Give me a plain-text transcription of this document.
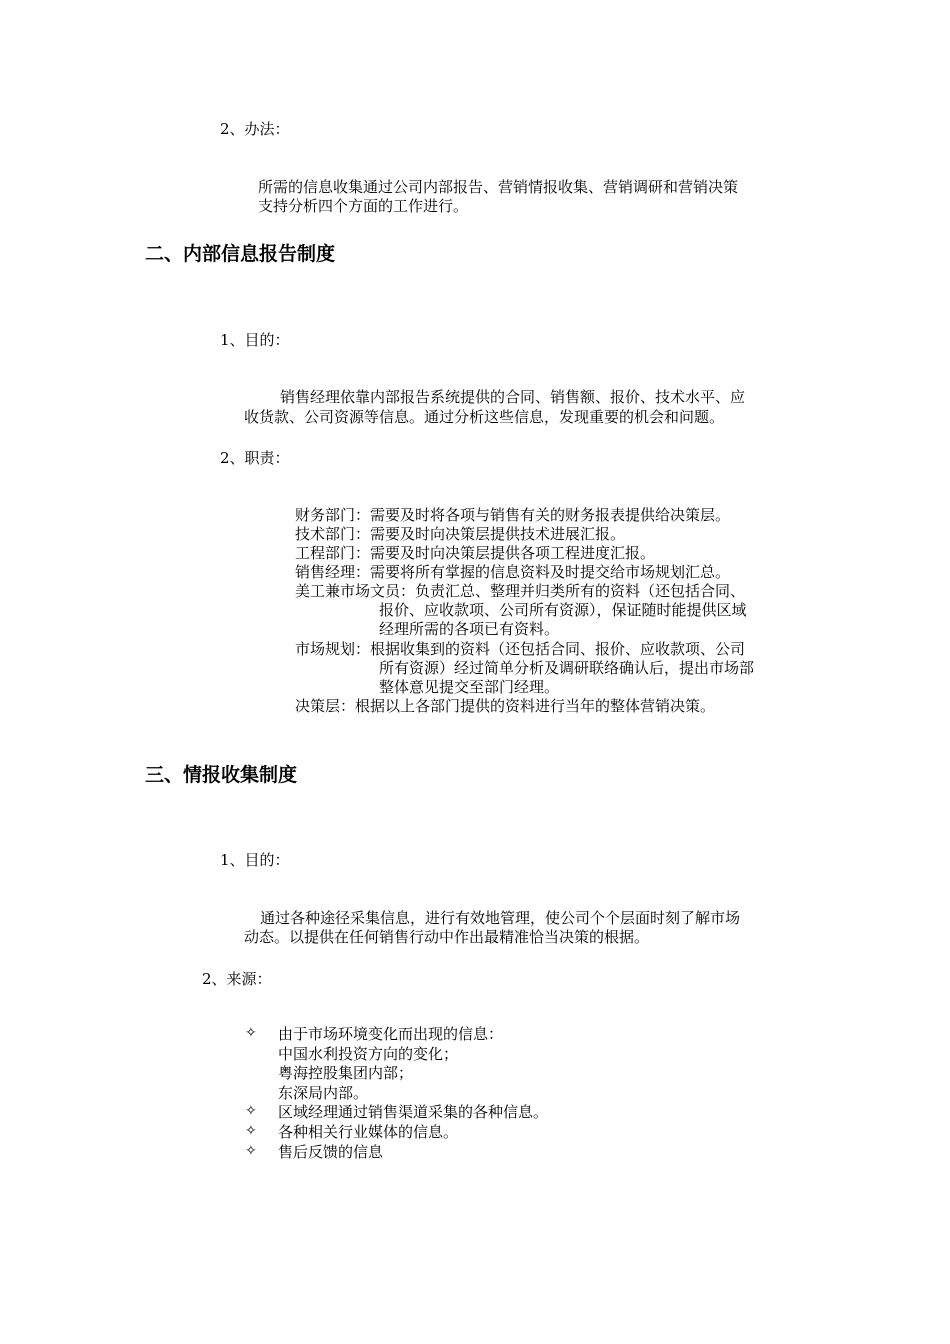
2、办法：
所需的信息收集通过公司内部报告、营销情报收集、营销调研和营销决策
支持分析四个方面的工作进行。
二、内部信息报告制度
1、目的：
销售经理依靠内部报告系统提供的合同、销售额、报价、技术水平、应
收货款、公司资源等信息。通过分析这些信息，发现重要的机会和问题。
2、职责：
财务部门：需要及时将各项与销售有关的财务报表提供给决策层。
技术部门：需要及时向决策层提供技术进展汇报。
工程部门：需要及时向决策层提供各项工程进度汇报。
销售经理：需要将所有掌握的信息资料及时提交给市场规划汇总。
美工兼市场文员：负责汇总、整理并归类所有的资料（还包括合同、
报价、应收款项、公司所有资源），保证随时能提供区域
经理所需的各项已有资料。
市场规划：根据收集到的资料（还包括合同、报价、应收款项、公司
所有资源）经过简单分析及调研联络确认后，提出市场部
整体意见提交至部门经理。
决策层：根据以上各部门提供的资料进行当年的整体营销决策。
三、情报收集制度
1、目的：
通过各种途径采集信息，进行有效地管理，使公司个个层面时刻了解市场
动态。以提供在任何销售行动中作出最精准恰当决策的根据。
2、来源：
✧ 由于市场环境变化而出现的信息：
中国水利投资方向的变化；
粤海控股集团内部；
东深局内部。
✧ 区域经理通过销售渠道采集的各种信息。
✧ 各种相关行业媒体的信息。
✧ 售后反馈的信息
